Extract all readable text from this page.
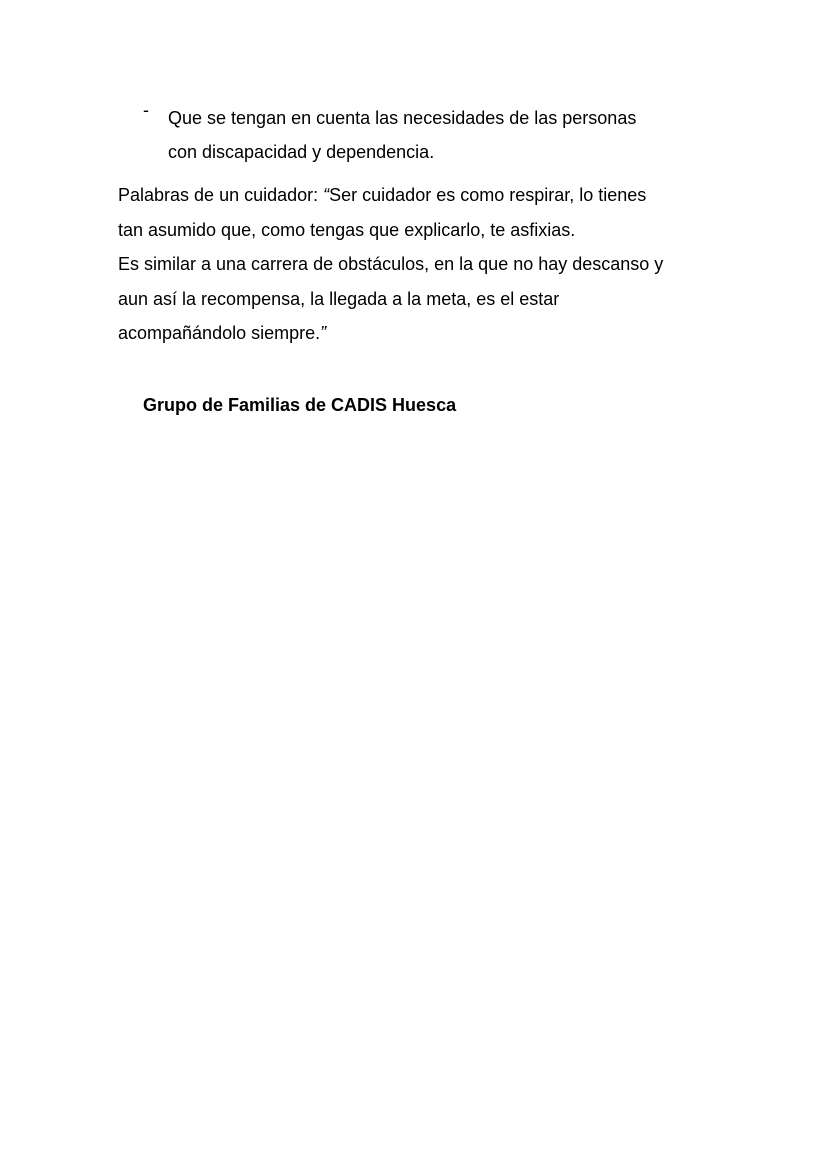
- Que se tengan en cuenta las necesidades de las personas
con discapacidad y dependencia.
Palabras de un cuidador: “Ser cuidador es como respirar, lo tienes
tan asumido que, como tengas que explicarlo, te asfixias.
Es similar a una carrera de obstáculos, en la que no hay descanso y
aun así la recompensa, la llegada a la meta, es el estar
acompañándolo siempre.”
Grupo de Familias de CADIS Huesca
